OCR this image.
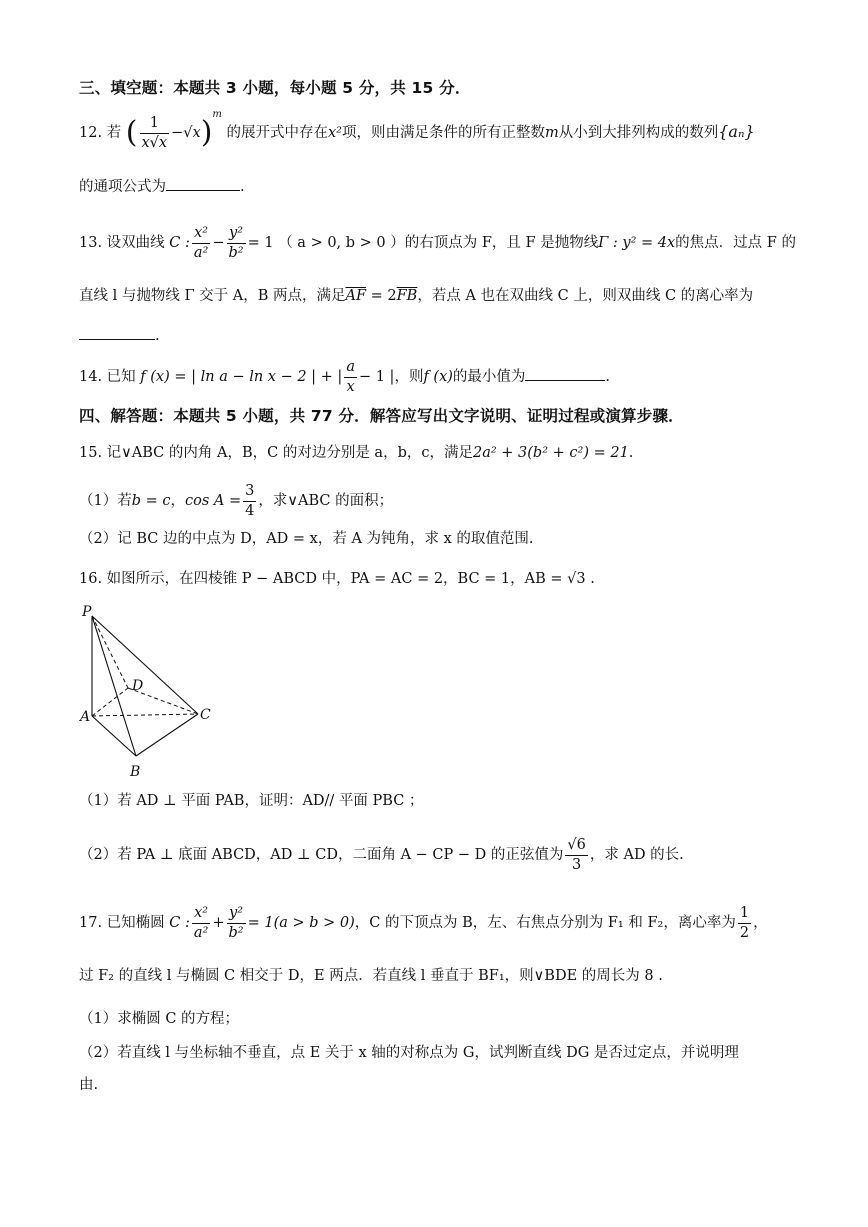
三、填空题：本题共 3 小题，每小题 5 分，共 15 分．
12. 若 ( $\frac{1}{x√x} -√x)^m$ 的展开式中存在x²项，则由满足条件的所有正整数m从小到大排列构成的数列{aₙ}
的通项公式为	.
13. 设双曲线 C : $\frac{\text{x²}}{\text{a²}} - \frac{\text{y²}}{\text{b²}} = 1$ （ a > 0, b > 0 ）的右顶点为 F，且 F 是抛物线Γ : y² = 4x的焦点．过点 F 的
直线 l 与抛物线 Γ 交于 A，B 两点，满足$\overline{AF} = 2\overline{FB}$，若点 A 也在双曲线 C 上，则双曲线 C 的离心率为
.
14. 已知 f (x) = | ln a − ln x − 2 | + | $\frac{a}{x} - 1$ |，则f (x)的最小值为	.
四、解答题：本题共 5 小题，共 77 分．解答应写出文字说明、证明过程或演算步骤．
15. 记∨ABC 的内角 A，B，C 的对边分别是 a，b，c，满足2a² + 3(b² + c²) = 21.
（1）若b = c，$\cos A = \frac{3}{4}$ ，求∨ABC 的面积；
（2）记 BC 边的中点为 D，AD = x，若 A 为钝角，求 x 的取值范围.
16. 如图所示，在四棱锥 P − ABCD 中，PA = AC = 2，BC = 1，AB = √3 .
P
D
A	C
B
（1）若 AD ⊥ 平面 PAB，证明：AD// 平面 PBC ；
（2）若 PA ⊥ 底面 ABCD，AD ⊥ CD，二面角 A − CP − D 的正弦值为 $\frac{√6}{3}$ ，求 AD 的长.
17. 已知椭圆 C : $\frac{\text{x²}}{\text{a²}} + \frac{\text{y²}}{\text{b²}} = 1(a > b > 0)$，C 的下顶点为 B，左、右焦点分别为 F₁ 和 F₂，离心率为 $\frac{1}{2}$ ，
过 F₂ 的直线 l 与椭圆 C 相交于 D，E 两点．若直线 l 垂直于 BF₁，则∨BDE 的周长为 8 .
（1）求椭圆 C 的方程；
（2）若直线 l 与坐标轴不垂直，点 E 关于 x 轴的对称点为 G，试判断直线 DG 是否过定点，并说明理
由.
